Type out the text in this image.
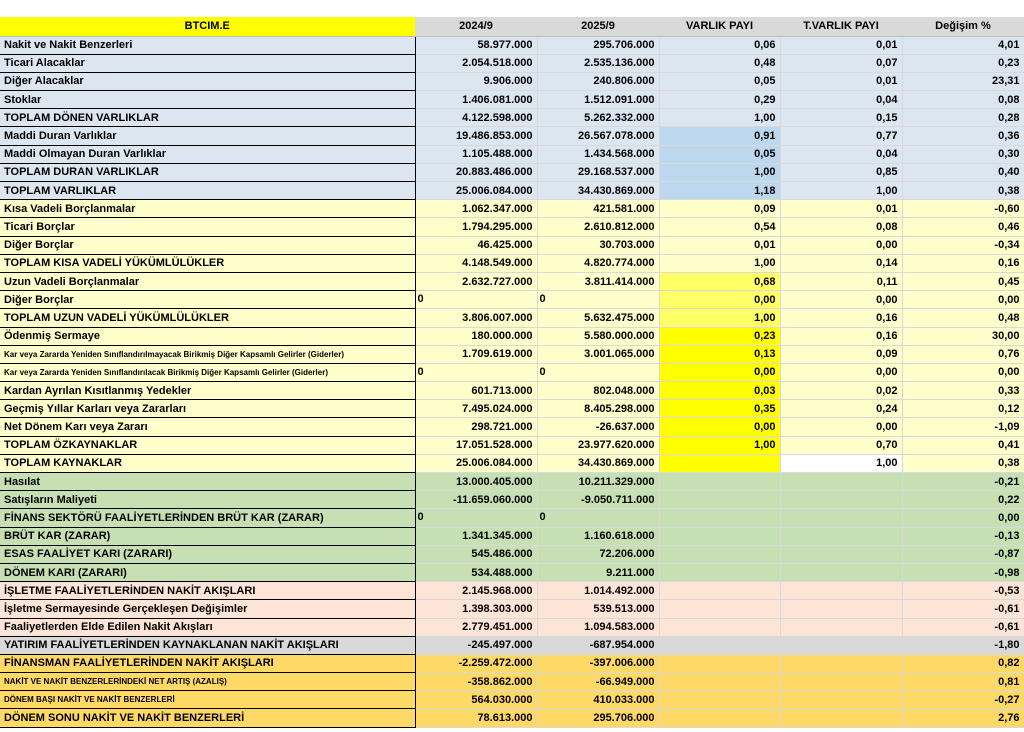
BTCIM.E	2024/9	2025/9	VARLIK PAYI	T.VARLIK PAYI	Değişim %
Nakit ve Nakit Benzerleri	58.977.000	295.706.000	0,06	0,01	4,01
Ticari Alacaklar	2.054.518.000	2.535.136.000	0,48	0,07	0,23
Diğer Alacaklar	9.906.000	240.806.000	0,05	0,01	23,31
Stoklar	1.406.081.000	1.512.091.000	0,29	0,04	0,08
TOPLAM DÖNEN VARLIKLAR	4.122.598.000	5.262.332.000	1,00	0,15	0,28
Maddi Duran Varlıklar	19.486.853.000	26.567.078.000	0,91	0,77	0,36
Maddi Olmayan Duran Varlıklar	1.105.488.000	1.434.568.000	0,05	0,04	0,30
TOPLAM DURAN VARLIKLAR	20.883.486.000	29.168.537.000	1,00	0,85	0,40
TOPLAM VARLIKLAR	25.006.084.000	34.430.869.000	1,18	1,00	0,38
Kısa Vadeli Borçlanmalar	1.062.347.000	421.581.000	0,09	0,01	-0,60
Ticari Borçlar	1.794.295.000	2.610.812.000	0,54	0,08	0,46
Diğer Borçlar	46.425.000	30.703.000	0,01	0,00	-0,34
TOPLAM KISA VADELİ YÜKÜMLÜLÜKLER	4.148.549.000	4.820.774.000	1,00	0,14	0,16
Uzun Vadeli Borçlanmalar	2.632.727.000	3.811.414.000	0,68	0,11	0,45
Diğer Borçlar	0	0	0,00	0,00	0,00
TOPLAM UZUN VADELİ YÜKÜMLÜLÜKLER	3.806.007.000	5.632.475.000	1,00	0,16	0,48
Ödenmiş Sermaye	180.000.000	5.580.000.000	0,23	0,16	30,00
Kar veya Zararda Yeniden Sınıflandırılmayacak Birikmiş Diğer Kapsamlı Gelirler (Giderler)	1.709.619.000	3.001.065.000	0,13	0,09	0,76
Kar veya Zararda Yeniden Sınıflandırılacak Birikmiş Diğer Kapsamlı Gelirler (Giderler)	0	0	0,00	0,00	0,00
Kardan Ayrılan Kısıtlanmış Yedekler	601.713.000	802.048.000	0,03	0,02	0,33
Geçmiş Yıllar Karları veya Zararları	7.495.024.000	8.405.298.000	0,35	0,24	0,12
Net Dönem Karı veya Zararı	298.721.000	-26.637.000	0,00	0,00	-1,09
TOPLAM ÖZKAYNAKLAR	17.051.528.000	23.977.620.000	1,00	0,70	0,41
TOPLAM KAYNAKLAR	25.006.084.000	34.430.869.000		1,00	0,38
Hasılat	13.000.405.000	10.211.329.000			-0,21
Satışların Maliyeti	-11.659.060.000	-9.050.711.000			0,22
FİNANS SEKTÖRÜ FAALİYETLERİNDEN BRÜT KAR (ZARAR)	0	0			0,00
BRÜT KAR (ZARAR)	1.341.345.000	1.160.618.000			-0,13
ESAS FAALİYET KARI (ZARARI)	545.486.000	72.206.000			-0,87
DÖNEM KARI (ZARARI)	534.488.000	9.211.000			-0,98
İŞLETME FAALİYETLERİNDEN NAKİT AKIŞLARI	2.145.968.000	1.014.492.000			-0,53
İşletme Sermayesinde Gerçekleşen Değişimler	1.398.303.000	539.513.000			-0,61
Faaliyetlerden Elde Edilen Nakit Akışları	2.779.451.000	1.094.583.000			-0,61
YATIRIM FAALİYETLERİNDEN KAYNAKLANAN NAKİT AKIŞLARI	-245.497.000	-687.954.000			-1,80
FİNANSMAN FAALİYETLERİNDEN NAKİT AKIŞLARI	-2.259.472.000	-397.006.000			0,82
NAKİT VE NAKİT BENZERLERİNDEKİ NET ARTIŞ (AZALIŞ)	-358.862.000	-66.949.000			0,81
DÖNEM BAŞI NAKİT VE NAKİT BENZERLERİ	564.030.000	410.033.000			-0,27
DÖNEM SONU NAKİT VE NAKİT BENZERLERİ	78.613.000	295.706.000			2,76
